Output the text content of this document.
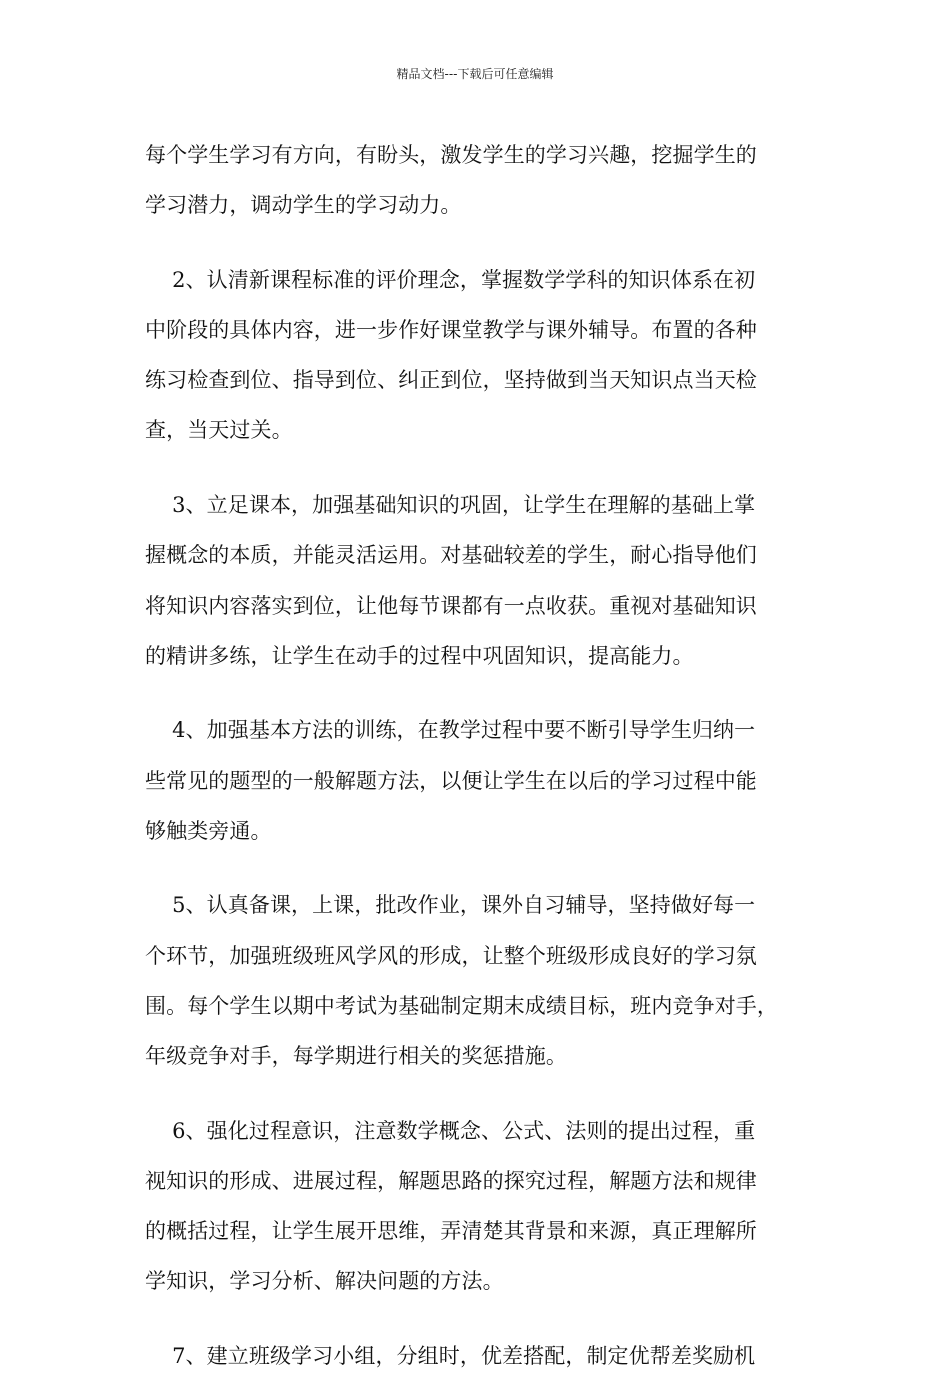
精品文档---下载后可任意编辑
每个学生学习有方向，有盼头，激发学生的学习兴趣，挖掘学生的
学习潜力，调动学生的学习动力。
2、认清新课程标准的评价理念，掌握数学学科的知识体系在初
中阶段的具体内容，进一步作好课堂教学与课外辅导。布置的各种
练习检查到位、指导到位、纠正到位，坚持做到当天知识点当天检
查，当天过关。
3、立足课本，加强基础知识的巩固，让学生在理解的基础上掌
握概念的本质，并能灵活运用。对基础较差的学生，耐心指导他们
将知识内容落实到位，让他每节课都有一点收获。重视对基础知识
的精讲多练，让学生在动手的过程中巩固知识，提高能力。
4、加强基本方法的训练，在教学过程中要不断引导学生归纳一
些常见的题型的一般解题方法，以便让学生在以后的学习过程中能
够触类旁通。
5、认真备课，上课，批改作业，课外自习辅导，坚持做好每一
个环节，加强班级班风学风的形成，让整个班级形成良好的学习氛
围。每个学生以期中考试为基础制定期末成绩目标，班内竞争对手，
年级竞争对手，每学期进行相关的奖惩措施。
6、强化过程意识，注意数学概念、公式、法则的提出过程，重
视知识的形成、进展过程，解题思路的探究过程，解题方法和规律
的概括过程，让学生展开思维，弄清楚其背景和来源，真正理解所
学知识，学习分析、解决问题的方法。
7、建立班级学习小组，分组时，优差搭配，制定优帮差奖励机
